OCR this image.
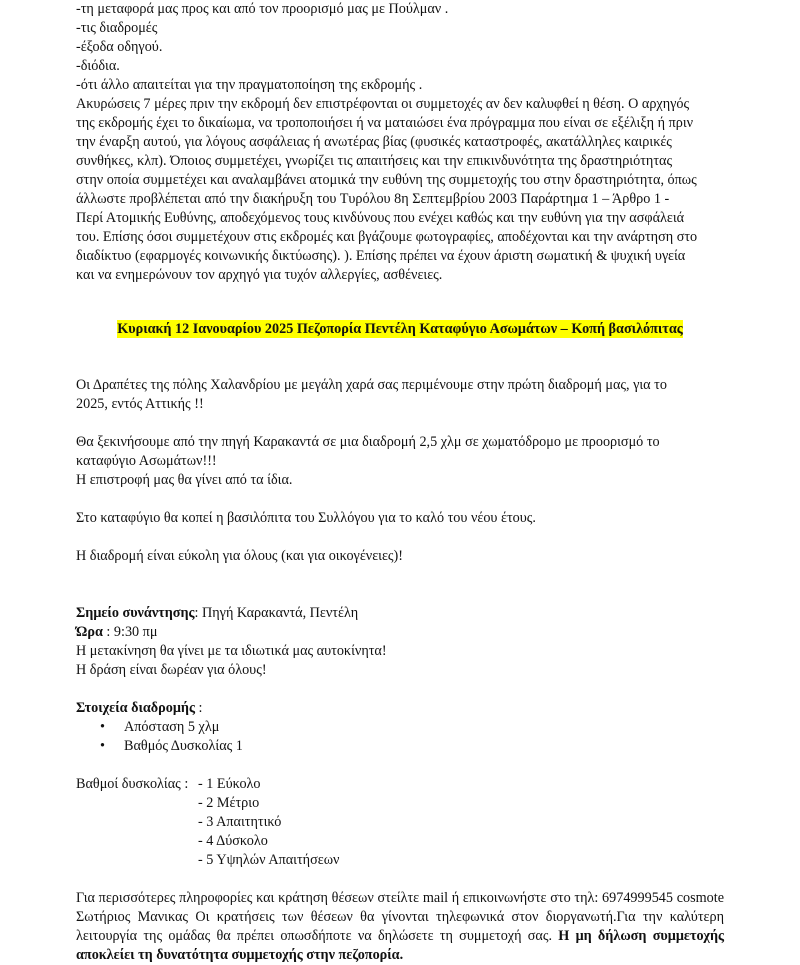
-τη μεταφορά μας προς και από τον προορισμό μας με Πούλμαν .
-τις διαδρομές
-έξοδα οδηγού.
-διόδια.
-ότι άλλο απαιτείται για την πραγματοποίηση της εκδρομής .
Ακυρώσεις 7 μέρες πριν την εκδρομή δεν επιστρέφονται οι συμμετοχές αν δεν καλυφθεί η θέση. Ο αρχηγός
της εκδρομής έχει το δικαίωμα, να τροποποιήσει ή να ματαιώσει ένα πρόγραμμα που είναι σε εξέλιξη ή πριν
την έναρξη αυτού, για λόγους ασφάλειας ή ανωτέρας βίας (φυσικές καταστροφές, ακατάλληλες καιρικές
συνθήκες, κλπ). Όποιος συμμετέχει, γνωρίζει τις απαιτήσεις και την επικινδυνότητα της δραστηριότητας
στην οποία συμμετέχει και αναλαμβάνει ατομικά την ευθύνη της συμμετοχής του στην δραστηριότητα, όπως
άλλωστε προβλέπεται από την διακήρυξη του Τυρόλου 8η Σεπτεμβρίου 2003 Παράρτημα 1 – Άρθρο 1 -
Περί Ατομικής Ευθύνης, αποδεχόμενος τους κινδύνους που ενέχει καθώς και την ευθύνη για την ασφάλειά
του. Επίσης όσοι συμμετέχουν στις εκδρομές και βγάζουμε φωτογραφίες, αποδέχονται και την ανάρτηση στο
διαδίκτυο (εφαρμογές κοινωνικής δικτύωσης). ). Επίσης πρέπει να έχουν άριστη σωματική & ψυχική υγεία
και να ενημερώνουν τον αρχηγό για τυχόν αλλεργίες, ασθένειες.
Κυριακή 12 Ιανουαρίου 2025 Πεζοπορία Πεντέλη Καταφύγιο Ασωμάτων – Κοπή βασιλόπιτας
Οι Δραπέτες της πόλης Χαλανδρίου με μεγάλη χαρά σας περιμένουμε στην πρώτη διαδρομή μας, για το
2025, εντός Αττικής !!
Θα ξεκινήσουμε από την πηγή Καρακαντά σε μια διαδρομή 2,5 χλμ σε χωματόδρομο με προορισμό το
καταφύγιο Ασωμάτων!!!
Η επιστροφή μας θα γίνει από τα ίδια.
Στο καταφύγιο θα κοπεί η βασιλόπιτα του Συλλόγου για το καλό του νέου έτους.
Η διαδρομή είναι εύκολη για όλους (και για οικογένειες)!
Σημείο συνάντησης: Πηγή Καρακαντά, Πεντέλη
Ώρα : 9:30 πμ
Η μετακίνηση θα γίνει με τα ιδιωτικά μας αυτοκίνητα!
Η δράση είναι δωρέαν για όλους!
Στοιχεία διαδρομής :
• Απόσταση 5 χλμ
• Βαθμός Δυσκολίας 1
Βαθμοί δυσκολίας : - 1 Εύκολο
- 2 Μέτριο
- 3 Απαιτητικό
- 4 Δύσκολο
- 5 Υψηλών Απαιτήσεων
Για περισσότερες πληροφορίες και κράτηση θέσεων στείλτε mail ή επικοινωνήστε στο τηλ: 6974999545 cosmote Σωτήριος Μανικας Οι κρατήσεις των θέσεων θα γίνονται τηλεφωνικά στον διοργανωτή.Για την καλύτερη λειτουργία της ομάδας θα πρέπει οπωσδήποτε να δηλώσετε τη συμμετοχή σας. Η μη δήλωση συμμετοχής αποκλείει τη δυνατότητα συμμετοχής στην πεζοπορία.
